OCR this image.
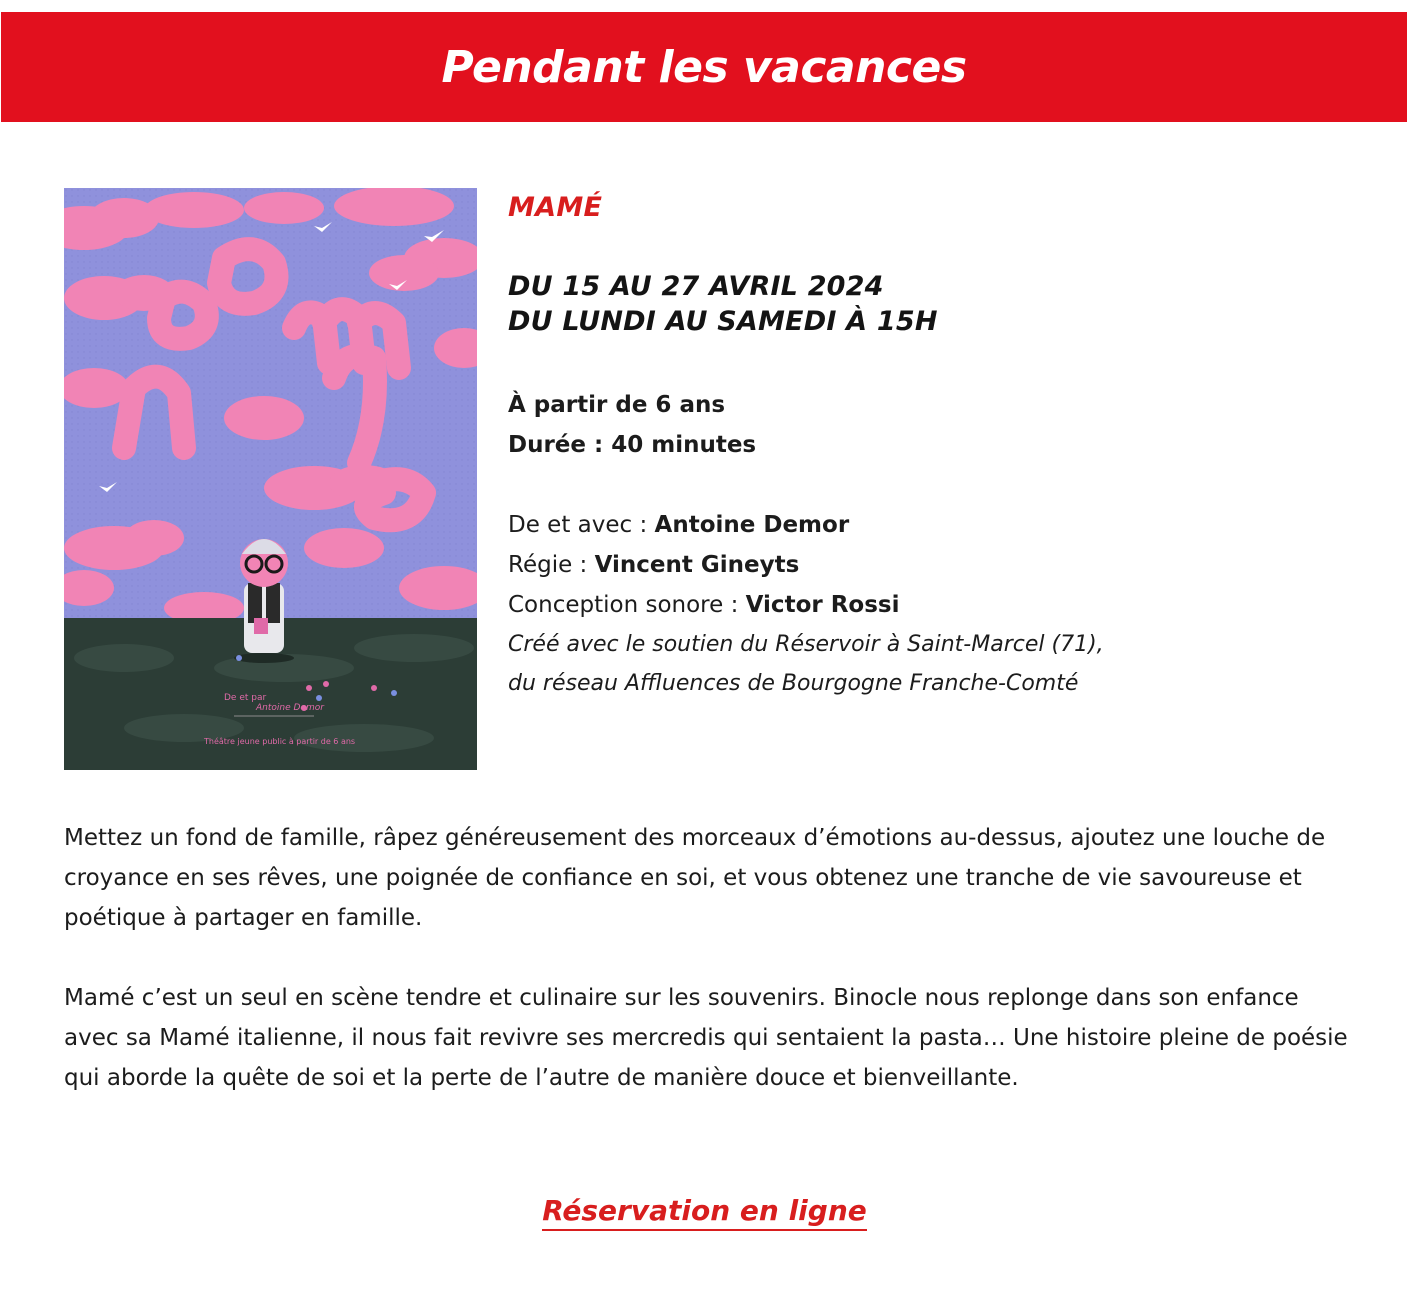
Pendant les vacances
Antoine Demor
De et par
Théâtre jeune public à partir de 6 ans
MAMÉ
DU 15 AU 27 AVRIL 2024
DU LUNDI AU SAMEDI À 15H
À partir de 6 ans
Durée : 40 minutes
De et avec : Antoine Demor
Régie : Vincent Gineyts
Conception sonore : Victor Rossi
Créé avec le soutien du Réservoir à Saint-Marcel (71),
du réseau Affluences de Bourgogne Franche-Comté

Mettez un fond de famille, râpez généreusement des morceaux d’émotions au-dessus, ajoutez une louche de croyance en ses rêves, une poignée de confiance en soi, et vous obtenez une tranche de vie savoureuse et poétique à partager en famille.

Mamé c’est un seul en scène tendre et culinaire sur les souvenirs. Binocle nous replonge dans son enfance avec sa Mamé italienne, il nous fait revivre ses mercredis qui sentaient la pasta… Une histoire pleine de poésie qui aborde la quête de soi et la perte de l’autre de manière douce et bienveillante.

Réservation en ligne
